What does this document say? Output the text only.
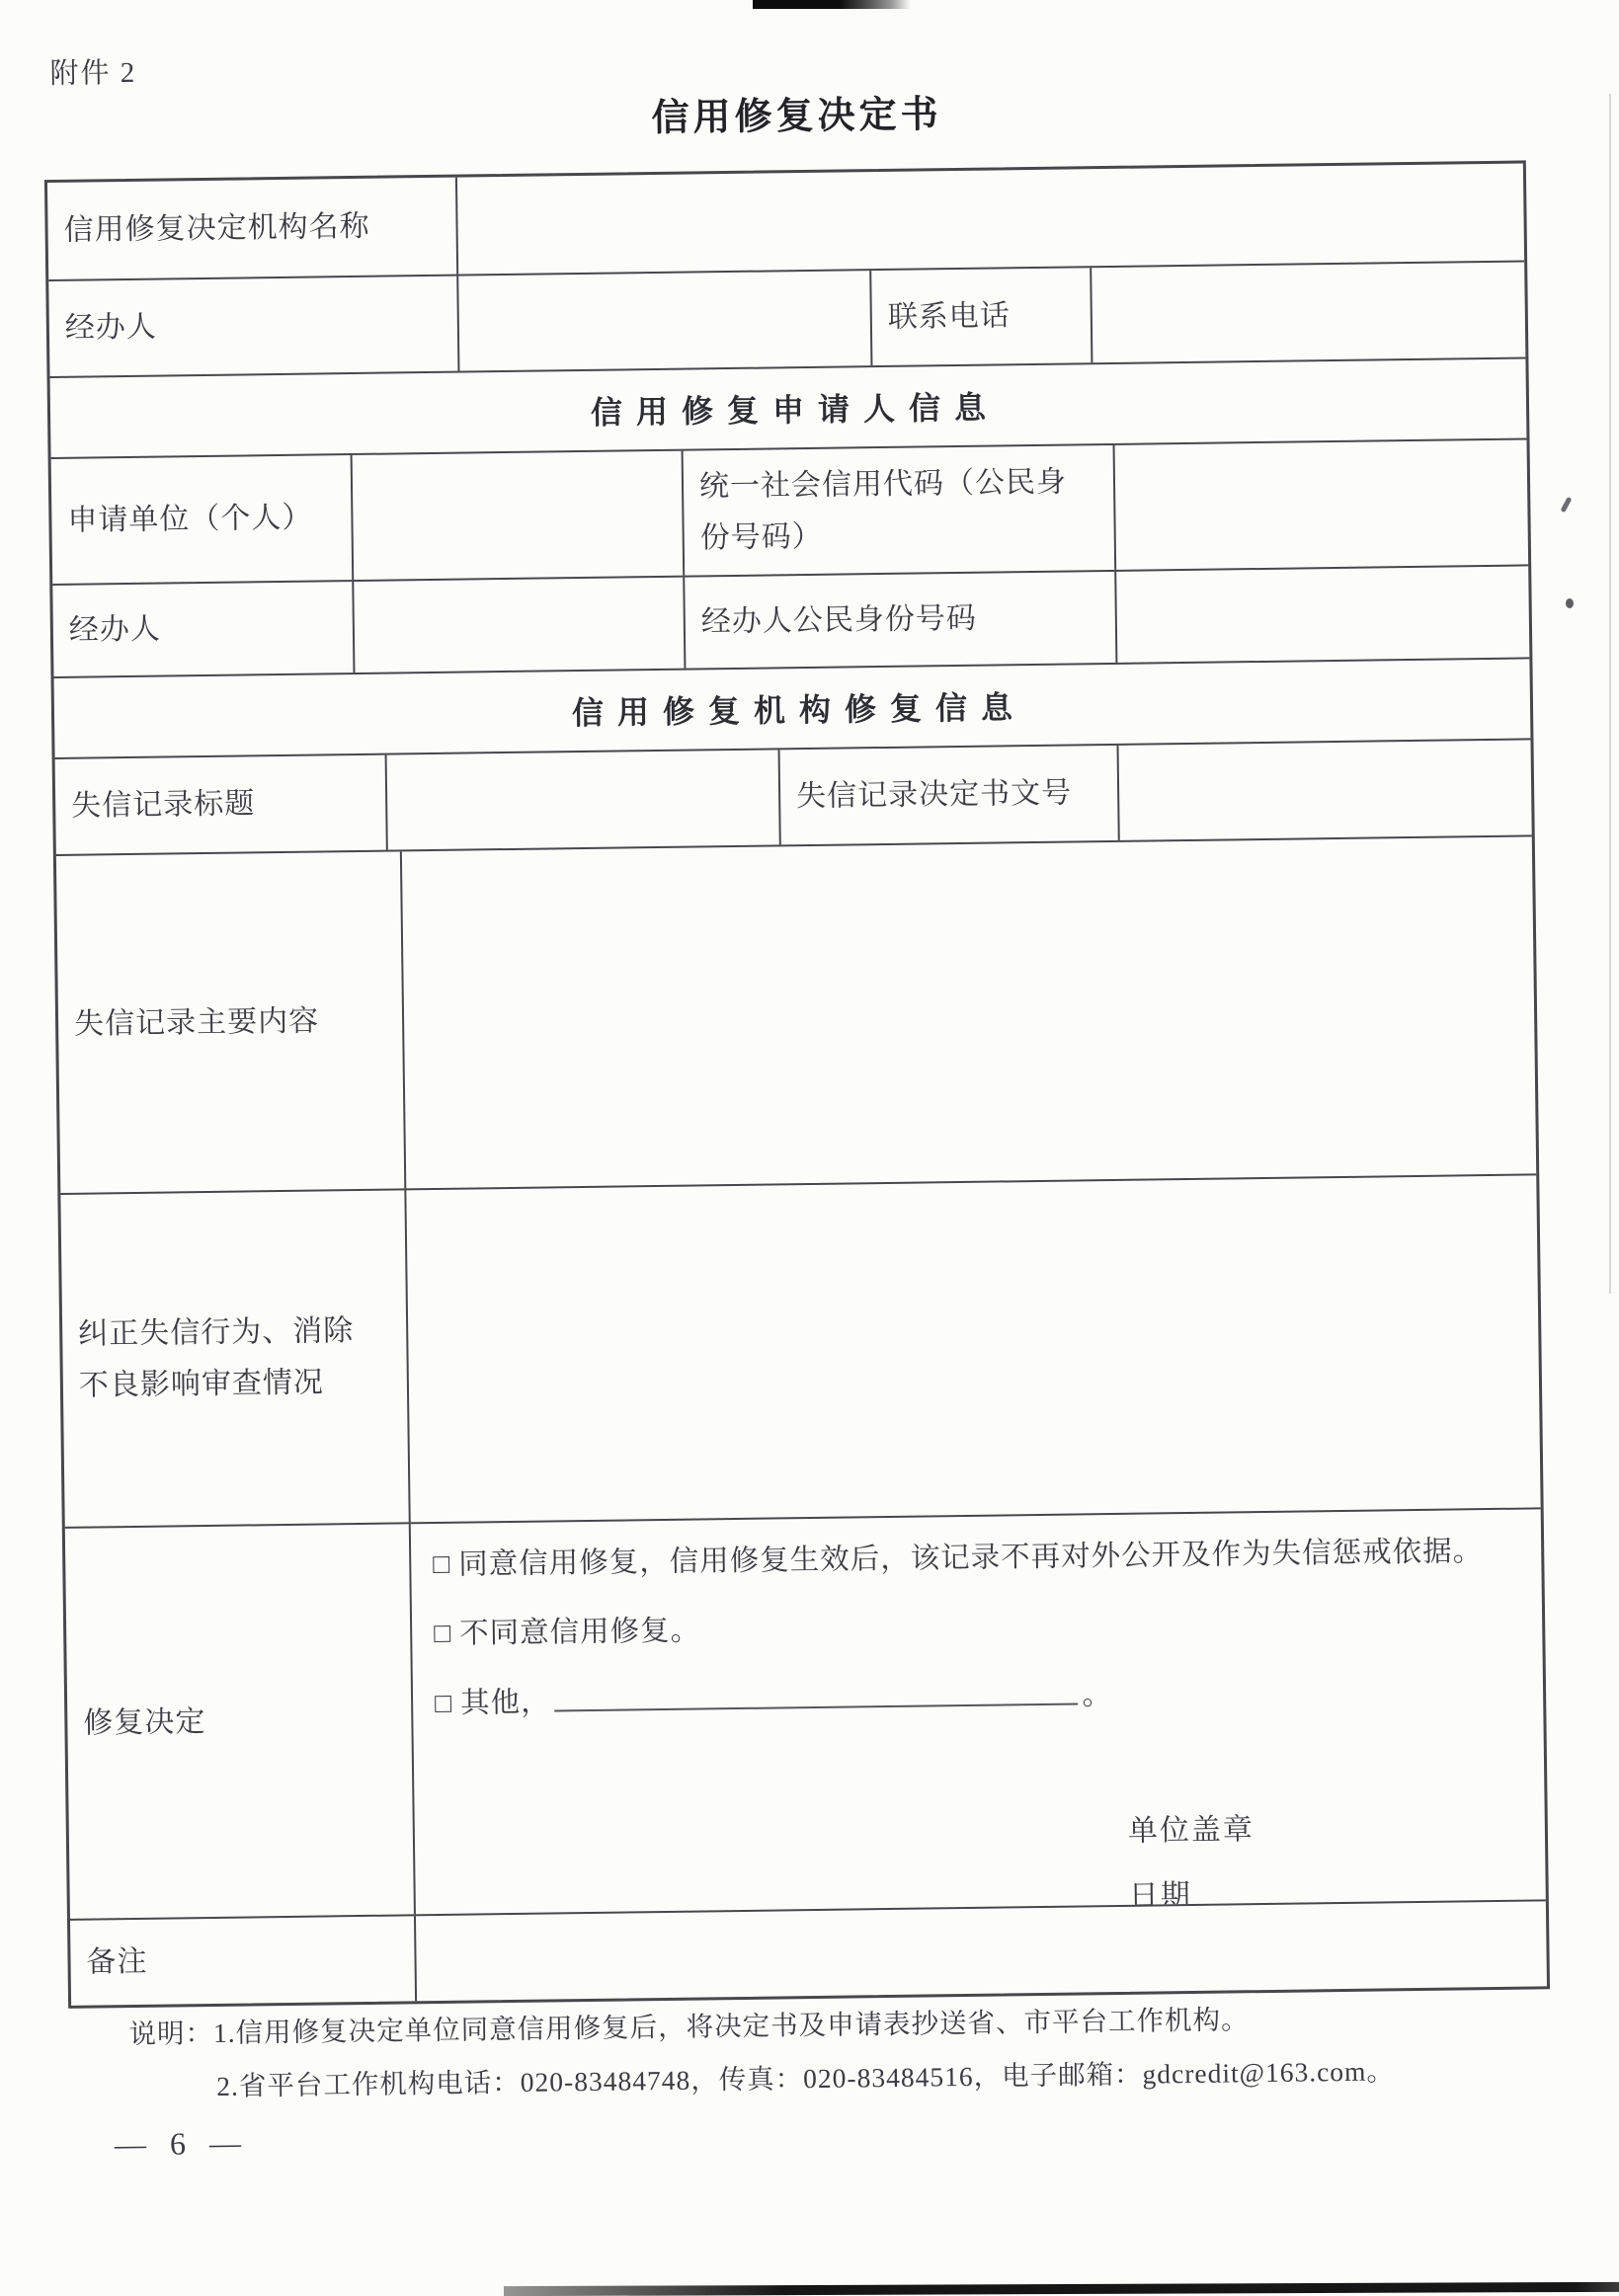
附件 2
信用修复决定书
信用修复决定机构名称
经办人	联系电话
信用修复申请人信息
申请单位（个人）
统一社会信用代码（公民身
份号码）
经办人	经办人公民身份号码
信用修复机构修复信息
失信记录标题	失信记录决定书文号
失信记录主要内容
纠正失信行为、消除
不良影响审查情况
修复决定
□ 同意信用修复，信用修复生效后，该记录不再对外公开及作为失信惩戒依据。
□ 不同意信用修复。
□ 其他，	。
单位盖章
日期
备注
说明：1.信用修复决定单位同意信用修复后，将决定书及申请表抄送省、市平台工作机构。
2.省平台工作机构电话：020-83484748，传真：020-83484516，电子邮箱：gdcredit@163.com。
— 6 —
